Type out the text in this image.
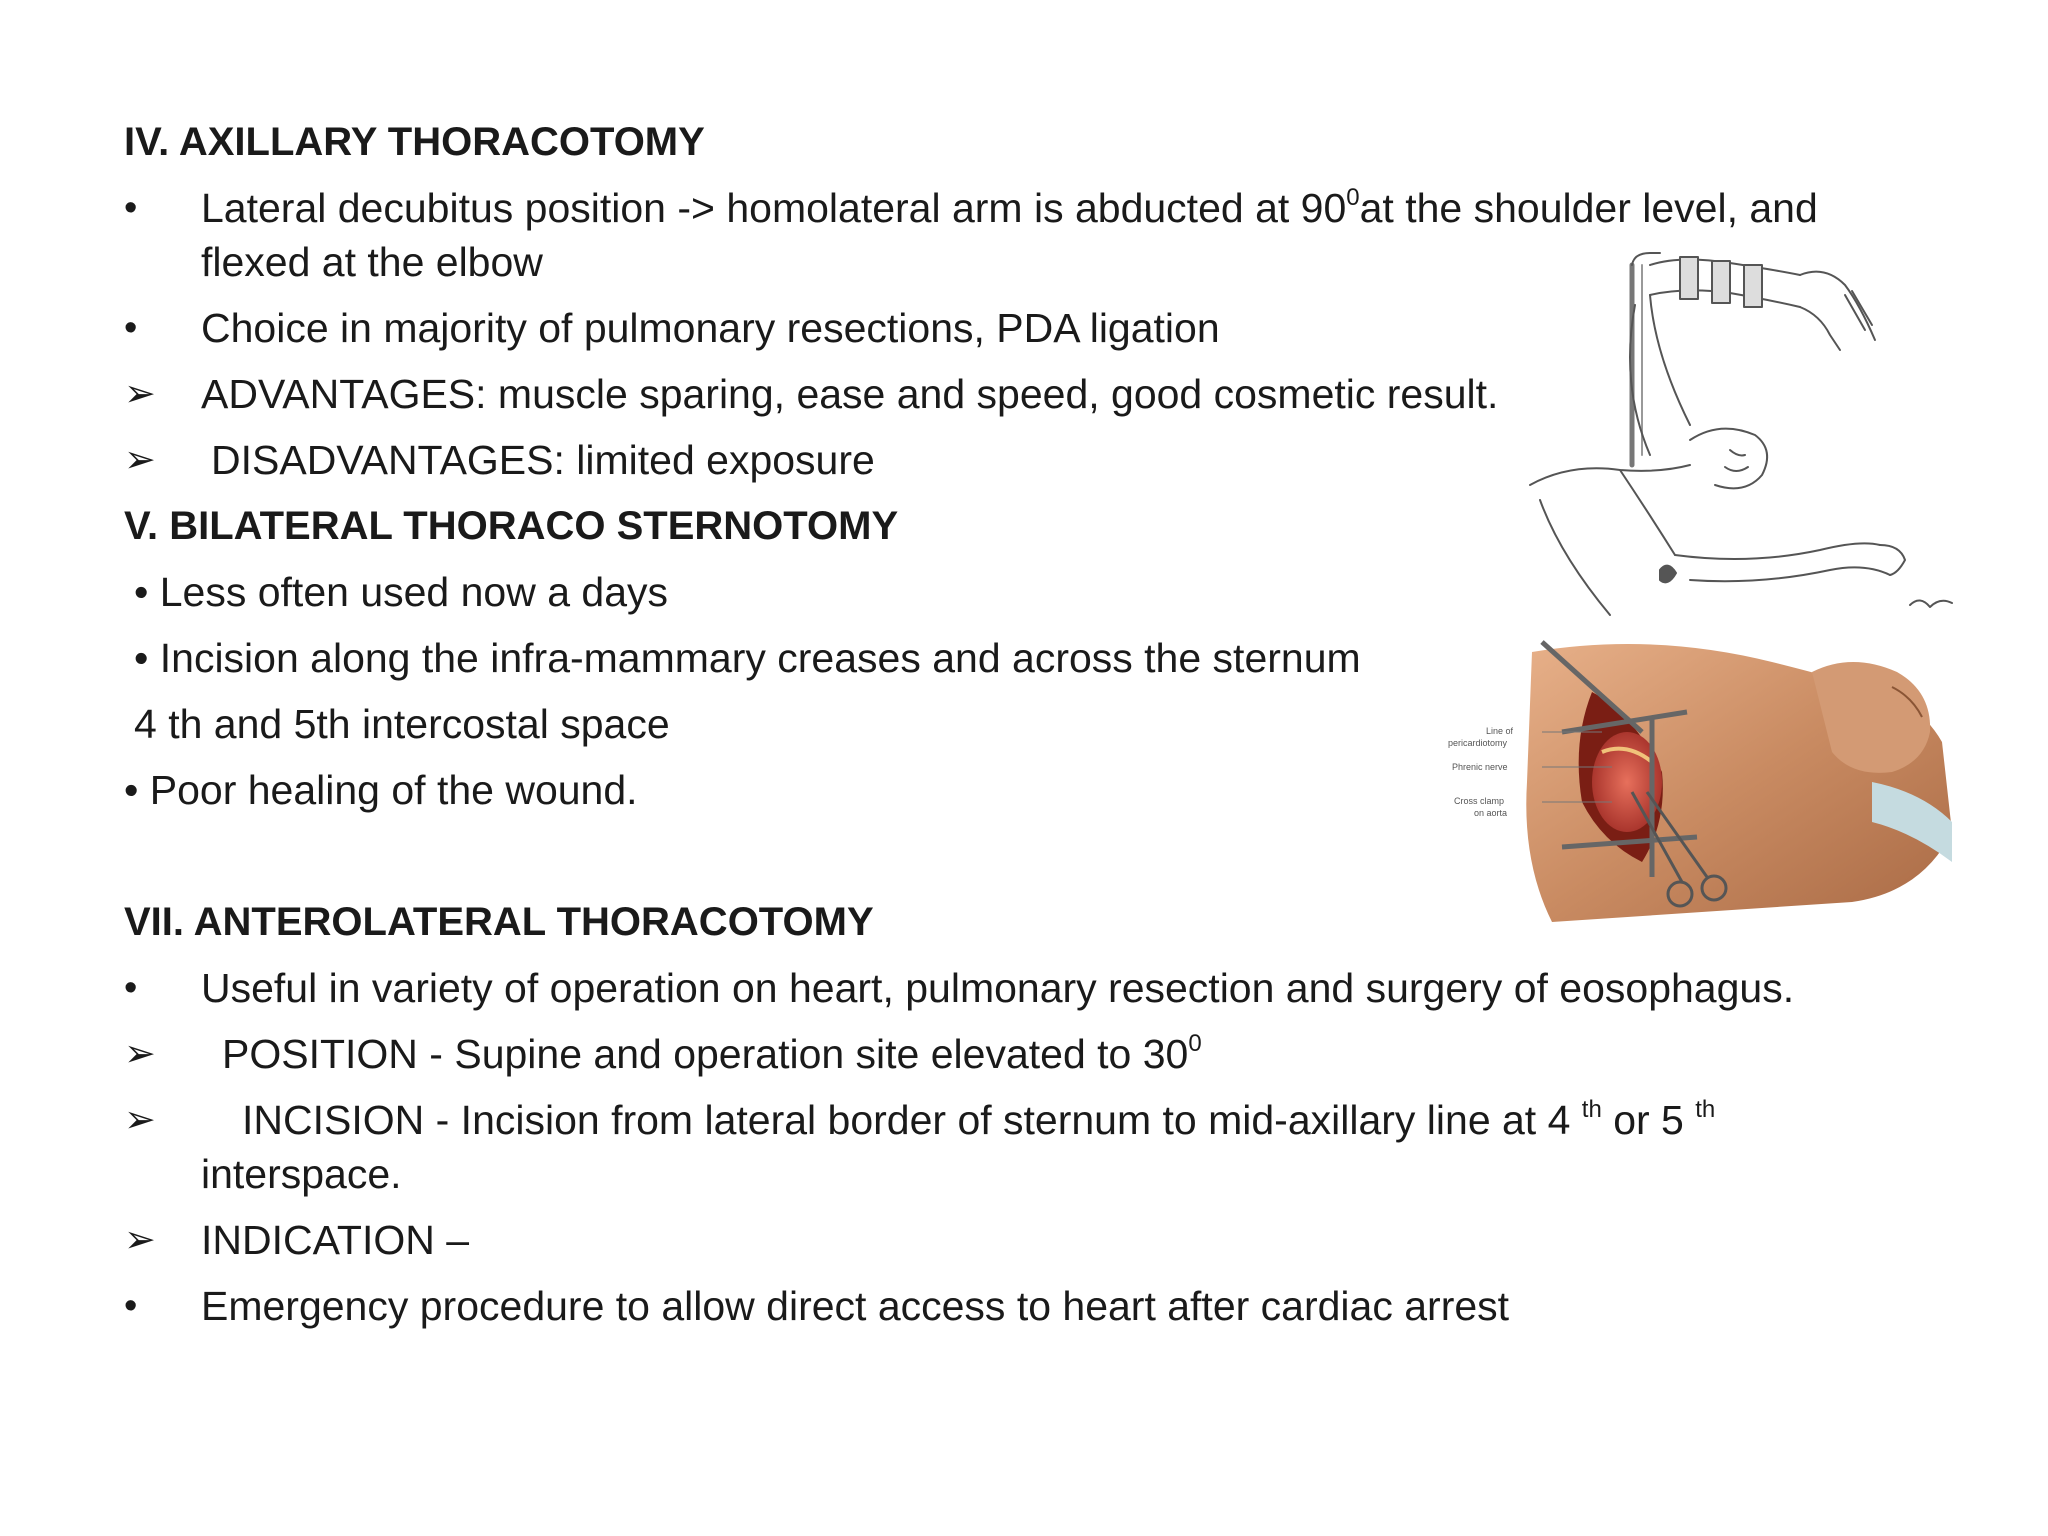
IV. AXILLARY THORACOTOMY
• Lateral decubitus position -> homolateral arm is abducted at $90^0at$ the shoulder level, and
flexed at the elbow
• Choice in majority of pulmonary resections, PDA ligation
➢ ADVANTAGES: muscle sparing, ease and speed, good cosmetic result.
➢ DISADVANTAGES: limited exposure
V. BILATERAL THORACO STERNOTOMY
• Less often used now a days
• Incision along the infra-mammary creases and across the sternum
4 th and 5th intercostal space
• Poor healing of the wound.
VII. ANTEROLATERAL THORACOTOMY
• Useful in variety of operation on heart, pulmonary resection and surgery of eosophagus.
➢ POSITION - Supine and operation site elevated to $30^0$
➢ INCISION - Incision from lateral border of sternum to mid-axillary line at 4 $^{th}$ or 5 $^{th}$
interspace.
➢ INDICATION –
• Emergency procedure to allow direct access to heart after cardiac arrest
Line of
pericardiotomy
Phrenic nerve
Cross clamp
on aorta
